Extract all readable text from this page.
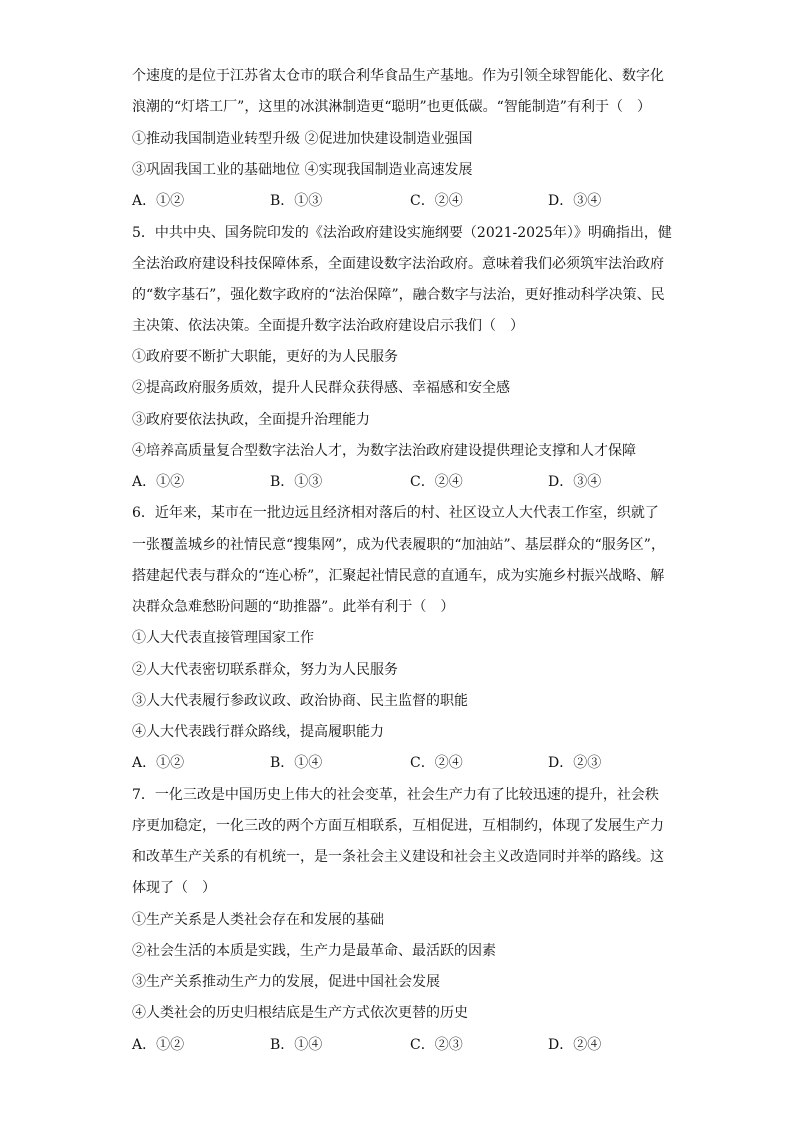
个速度的是位于江苏省太仓市的联合利华食品生产基地。作为引领全球智能化、数字化
浪潮的“灯塔工厂”，这里的冰淇淋制造更“聪明”也更低碳。“智能制造”有利于（　）
①推动我国制造业转型升级 ②促进加快建设制造业强国
③巩固我国工业的基础地位 ④实现我国制造业高速发展
A．①②	B．①③	C．②④	D．③④
5．中共中央、国务院印发的《法治政府建设实施纲要（2021-2025年）》明确指出，健
全法治政府建设科技保障体系，全面建设数字法治政府。意味着我们必须筑牢法治政府
的“数字基石”，强化数字政府的“法治保障”，融合数字与法治，更好推动科学决策、民
主决策、依法决策。全面提升数字法治政府建设启示我们（　）
①政府要不断扩大职能，更好的为人民服务
②提高政府服务质效，提升人民群众获得感、幸福感和安全感
③政府要依法执政，全面提升治理能力
④培养高质量复合型数字法治人才，为数字法治政府建设提供理论支撑和人才保障
A．①②	B．①③	C．②④	D．③④
6．近年来，某市在一批边远且经济相对落后的村、社区设立人大代表工作室，织就了
一张覆盖城乡的社情民意“搜集网”，成为代表履职的“加油站”、基层群众的“服务区”，
搭建起代表与群众的“连心桥”，汇聚起社情民意的直通车，成为实施乡村振兴战略、解
决群众急难愁盼问题的“助推器”。此举有利于（　）
①人大代表直接管理国家工作
②人大代表密切联系群众，努力为人民服务
③人大代表履行参政议政、政治协商、民主监督的职能
④人大代表践行群众路线，提高履职能力
A．①②	B．①④	C．②④	D．②③
7．一化三改是中国历史上伟大的社会变革，社会生产力有了比较迅速的提升，社会秩
序更加稳定，一化三改的两个方面互相联系，互相促进，互相制约，体现了发展生产力
和改革生产关系的有机统一，是一条社会主义建设和社会主义改造同时并举的路线。这
体现了（　）
①生产关系是人类社会存在和发展的基础
②社会生活的本质是实践，生产力是最革命、最活跃的因素
③生产关系推动生产力的发展，促进中国社会发展
④人类社会的历史归根结底是生产方式依次更替的历史
A．①②	B．①④	C．②③	D．②④
